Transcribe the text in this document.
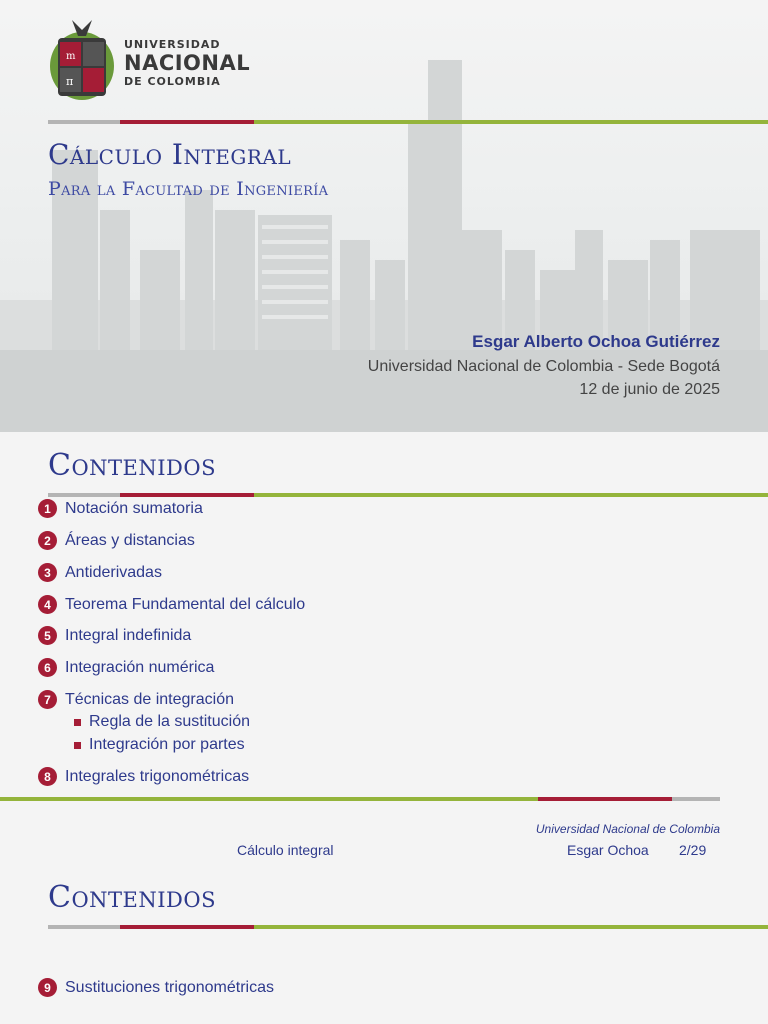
m
π
UNIVERSIDAD
NACIONAL
DE COLOMBIA
Cálculo Integral
Para la Facultad de Ingeniería
Esgar Alberto Ochoa Gutiérrez
Universidad Nacional de Colombia - Sede Bogotá
12 de junio de 2025
Contenidos
1 Notación sumatoria
2 Áreas y distancias
3 Antiderivadas
4 Teorema Fundamental del cálculo
5 Integral indefinida
6 Integración numérica
7 Técnicas de integración
Regla de la sustitución
Integración por partes
8 Integrales trigonométricas
Universidad Nacional de Colombia
Cálculo integral	Esgar Ochoa 2/29
Contenidos
9 Sustituciones trigonométricas
